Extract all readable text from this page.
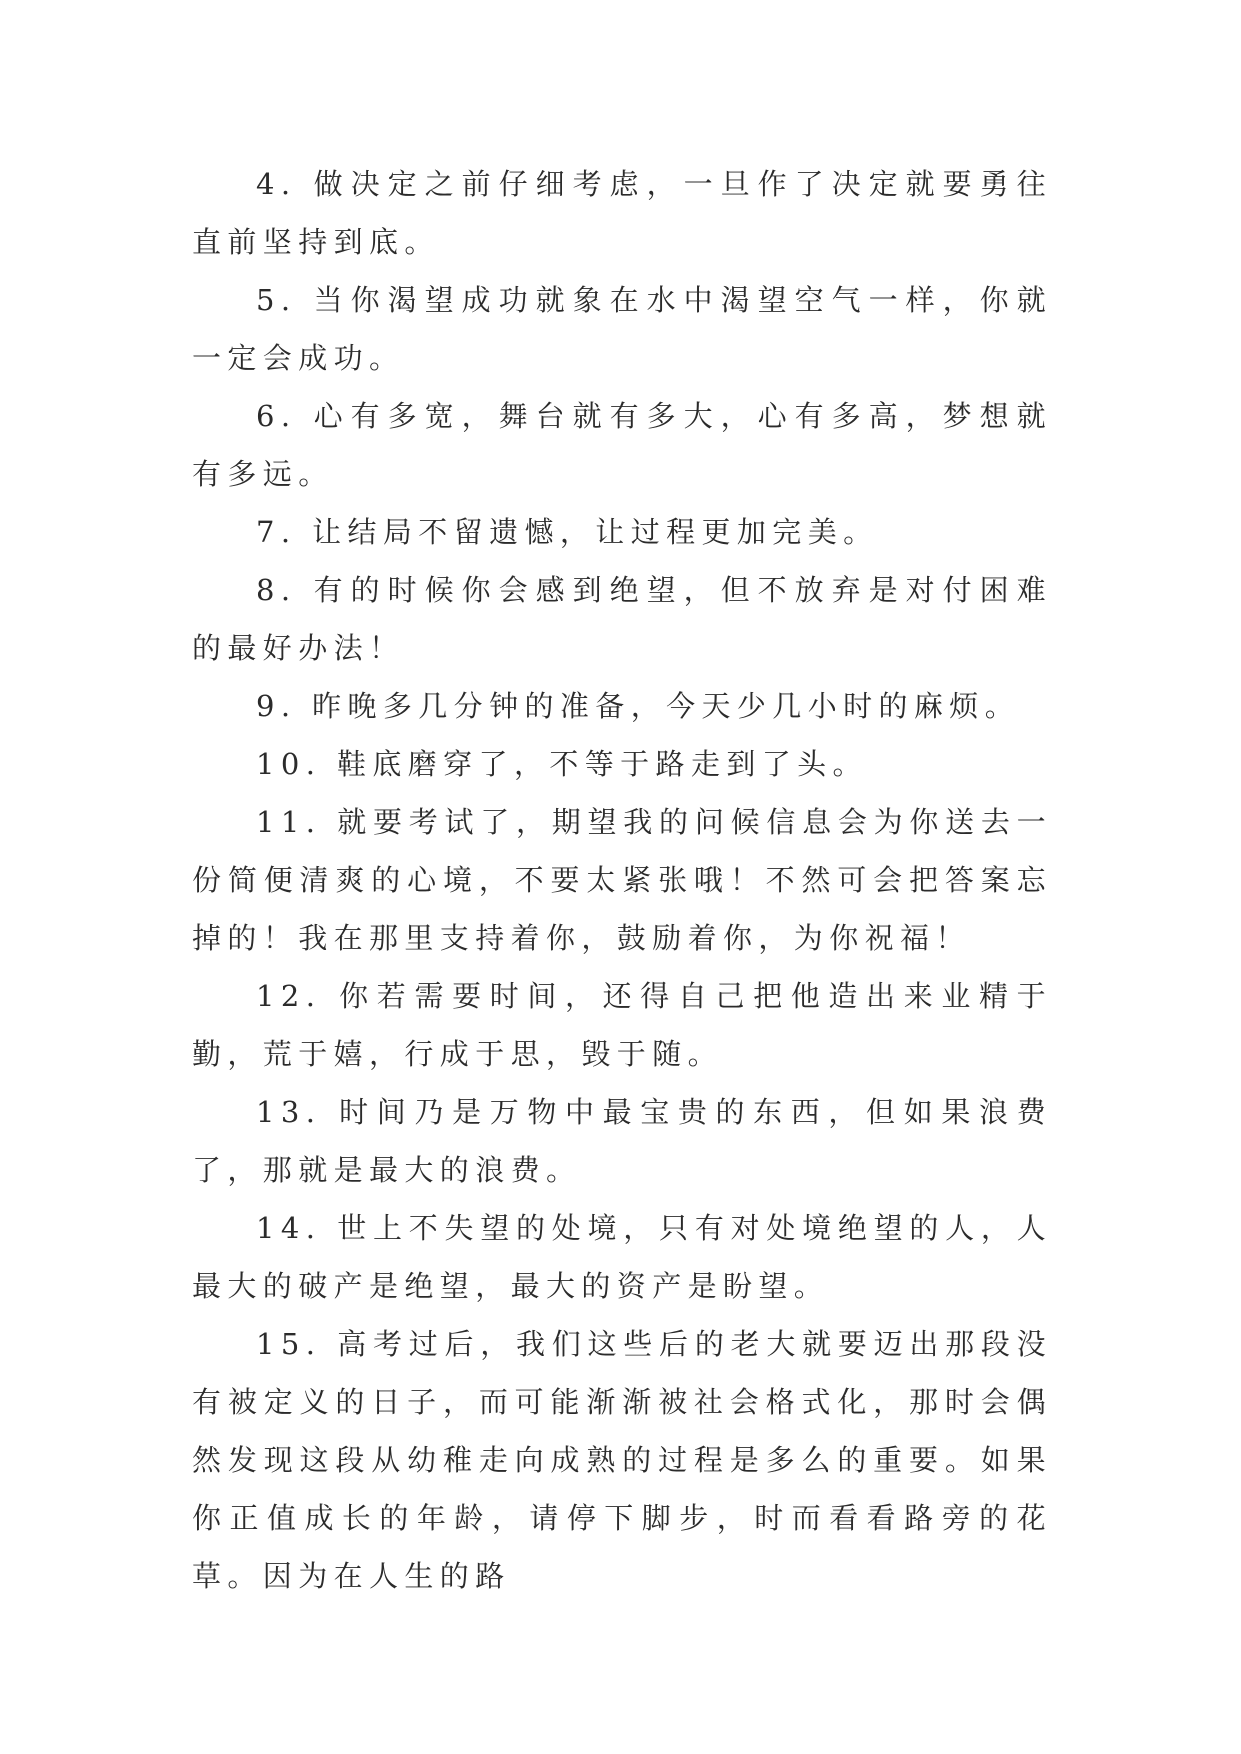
4. 做决定之前仔细考虑，一旦作了决定就要勇往直前坚持到底。

5. 当你渴望成功就象在水中渴望空气一样，你就一定会成功。

6. 心有多宽，舞台就有多大，心有多高，梦想就有多远。

7. 让结局不留遗憾，让过程更加完美。

8. 有的时候你会感到绝望，但不放弃是对付困难的最好办法！

9. 昨晚多几分钟的准备，今天少几小时的麻烦。

10. 鞋底磨穿了，不等于路走到了头。

11. 就要考试了，期望我的问候信息会为你送去一份简便清爽的心境，不要太紧张哦！不然可会把答案忘掉的！我在那里支持着你，鼓励着你，为你祝福！

12. 你若需要时间，还得自己把他造出来业精于勤，荒于嬉，行成于思，毁于随。

13. 时间乃是万物中最宝贵的东西，但如果浪费了，那就是最大的浪费。

14. 世上不失望的处境，只有对处境绝望的人，人最大的破产是绝望，最大的资产是盼望。

15. 高考过后，我们这些后的老大就要迈出那段没有被定义的日子，而可能渐渐被社会格式化，那时会偶然发现这段从幼稚走向成熟的过程是多么的重要。如果你正值成长的年龄，请停下脚步，时而看看路旁的花草。因为在人生的路
